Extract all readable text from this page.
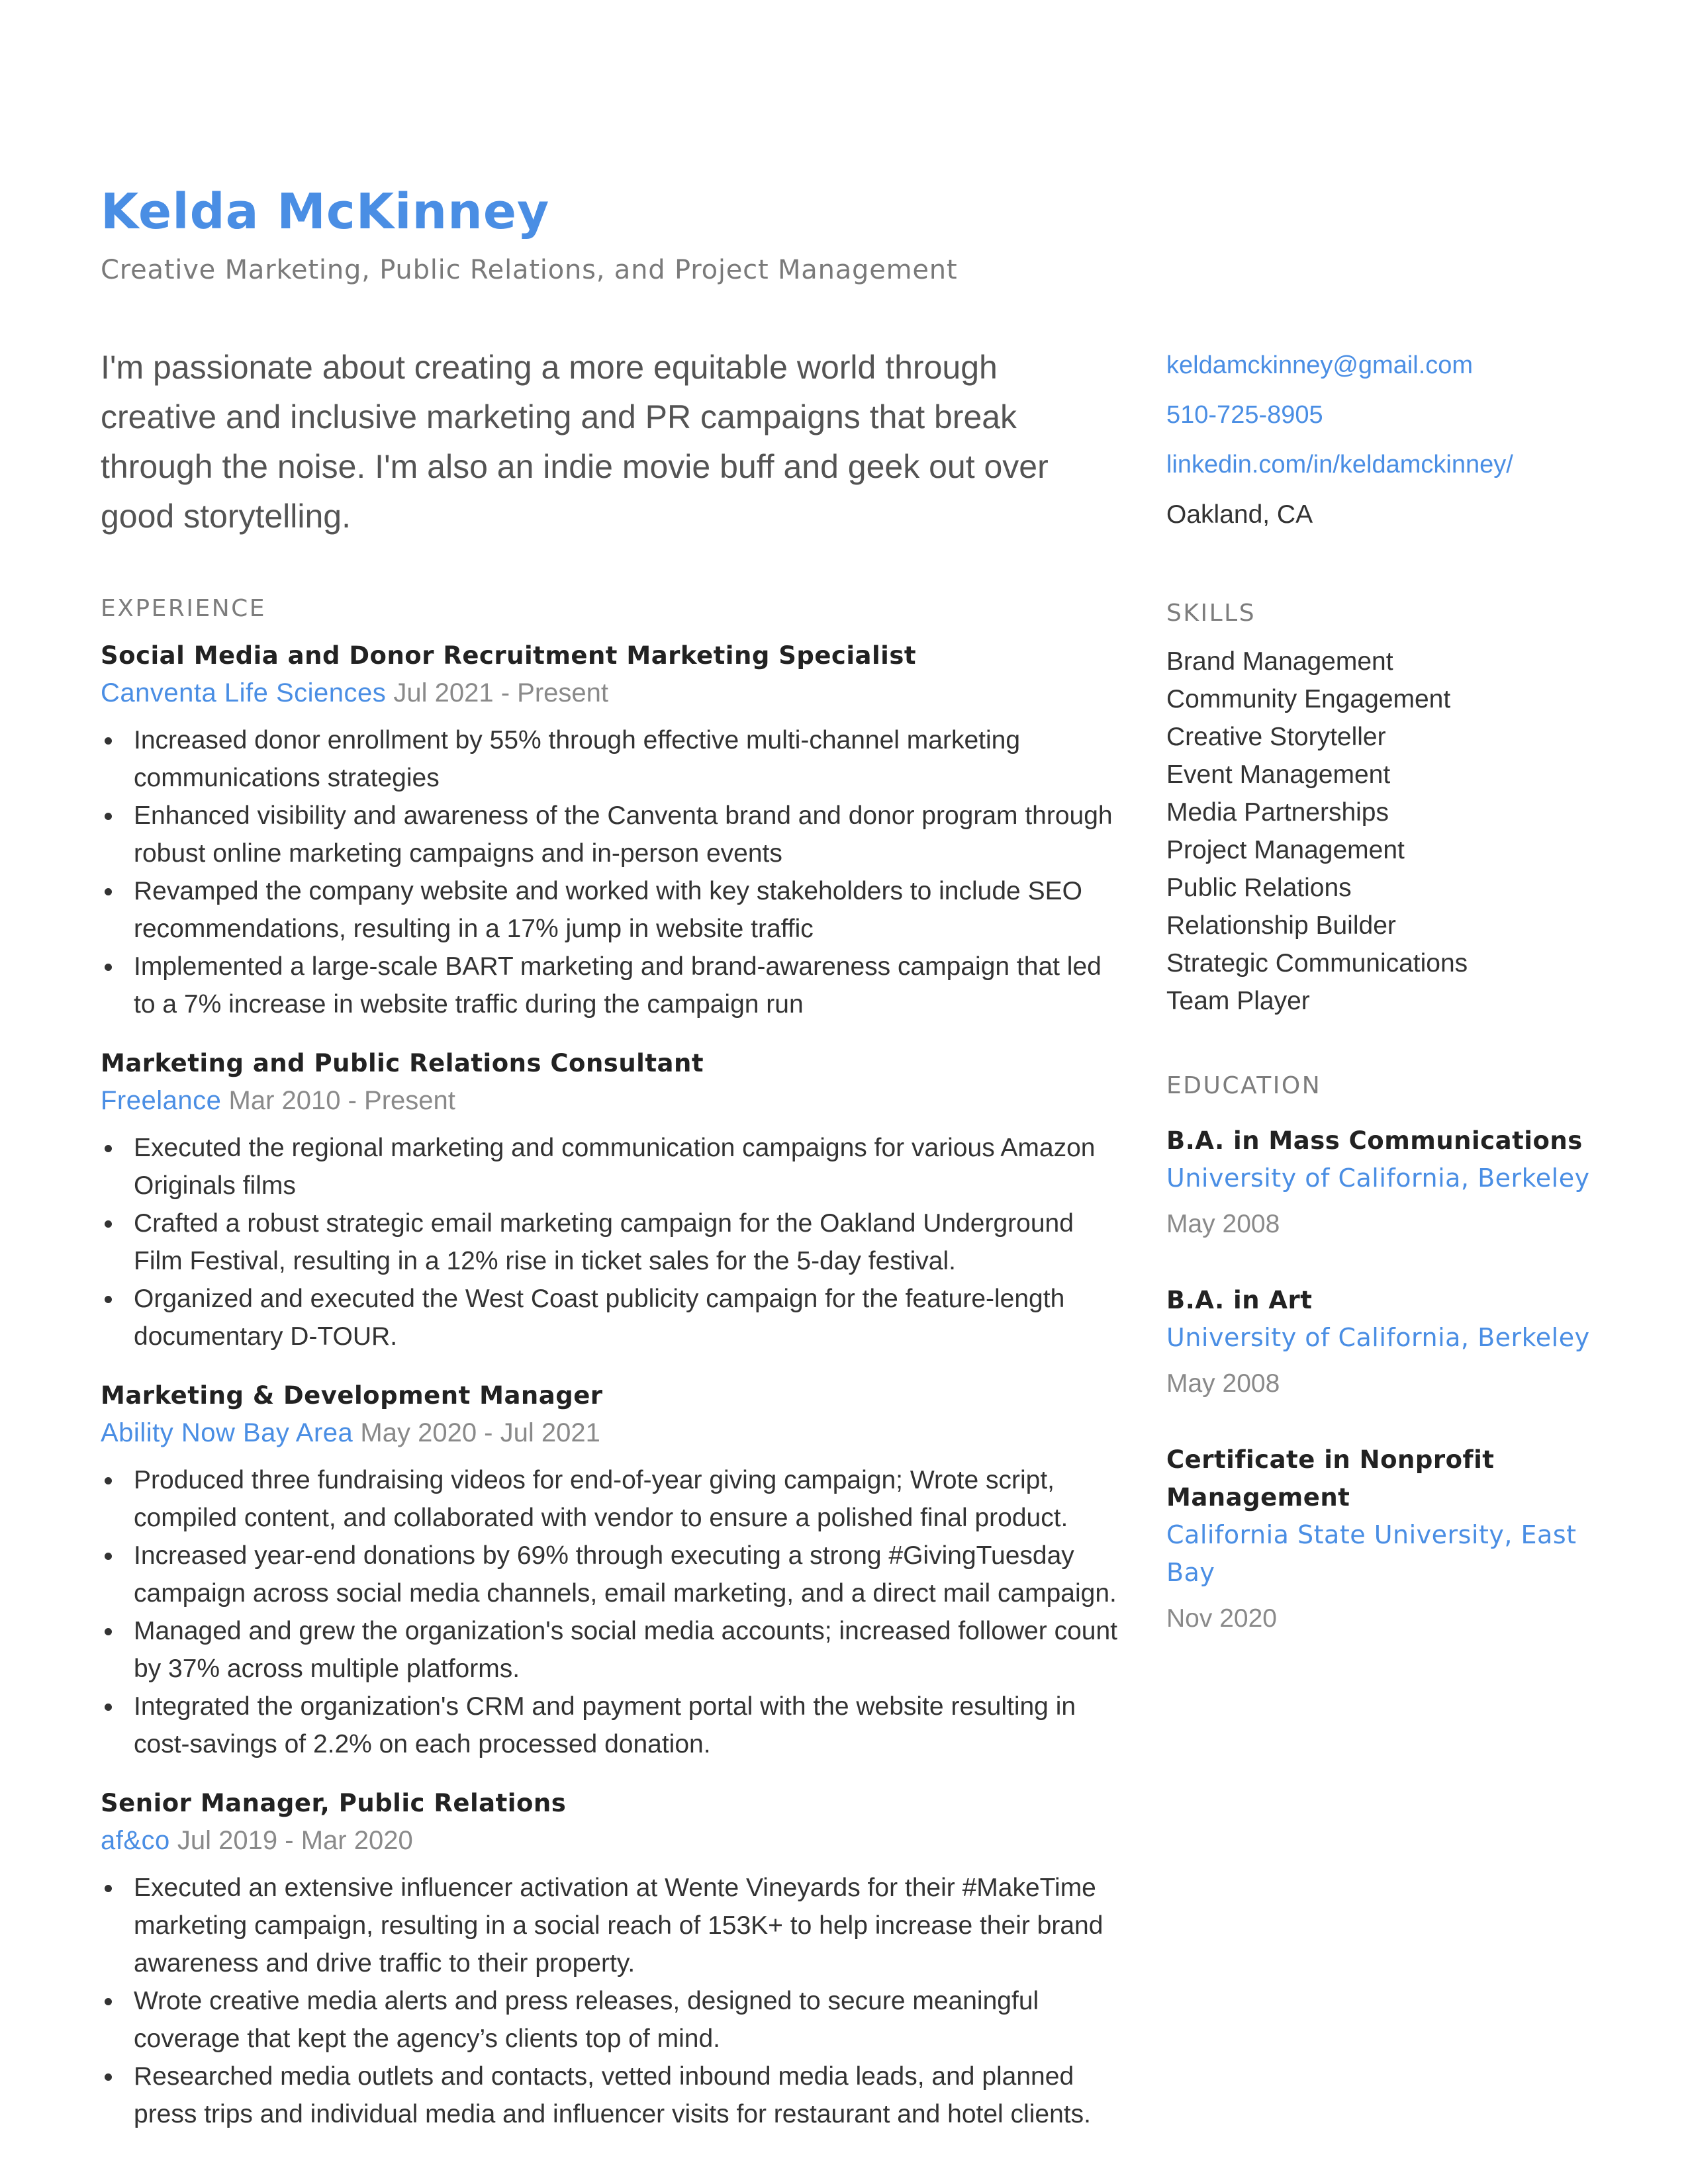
Kelda McKinney
Creative Marketing, Public Relations, and Project Management

I'm passionate about creating a more equitable world through creative and inclusive marketing and PR campaigns that break through the noise. I'm also an indie movie buff and geek out over good storytelling.

EXPERIENCE
Social Media and Donor Recruitment Marketing Specialist
Canventa Life Sciences Jul 2021 - Present
Increased donor enrollment by 55% through effective multi-channel marketing communications strategies
Enhanced visibility and awareness of the Canventa brand and donor program through robust online marketing campaigns and in-person events
Revamped the company website and worked with key stakeholders to include SEO recommendations, resulting in a 17% jump in website traffic
Implemented a large-scale BART marketing and brand-awareness campaign that led to a 7% increase in website traffic during the campaign run
Marketing and Public Relations Consultant
Freelance Mar 2010 - Present
Executed the regional marketing and communication campaigns for various Amazon Originals films
Crafted a robust strategic email marketing campaign for the Oakland Underground Film Festival, resulting in a 12% rise in ticket sales for the 5-day festival.
Organized and executed the West Coast publicity campaign for the feature-length documentary D-TOUR.
Marketing & Development Manager
Ability Now Bay Area May 2020 - Jul 2021
Produced three fundraising videos for end-of-year giving campaign; Wrote script, compiled content, and collaborated with vendor to ensure a polished final product.
Increased year-end donations by 69% through executing a strong #GivingTuesday campaign across social media channels, email marketing, and a direct mail campaign.
Managed and grew the organization's social media accounts; increased follower count by 37% across multiple platforms.
Integrated the organization's CRM and payment portal with the website resulting in cost-savings of 2.2% on each processed donation.
Senior Manager, Public Relations
af&co Jul 2019 - Mar 2020
Executed an extensive influencer activation at Wente Vineyards for their #MakeTime marketing campaign, resulting in a social reach of 153K+ to help increase their brand awareness and drive traffic to their property.
Wrote creative media alerts and press releases, designed to secure meaningful coverage that kept the agency’s clients top of mind.
Researched media outlets and contacts, vetted inbound media leads, and planned press trips and individual media and influencer visits for restaurant and hotel clients.
keldamckinney@gmail.com
510-725-8905
linkedin.com/in/keldamckinney/
Oakland, CA
SKILLS
Brand Management
Community Engagement
Creative Storyteller
Event Management
Media Partnerships
Project Management
Public Relations
Relationship Builder
Strategic Communications
Team Player
EDUCATION
B.A. in Mass Communications
University of California, Berkeley
May 2008
B.A. in Art
University of California, Berkeley
May 2008
Certificate in Nonprofit Management
California State University, East Bay
Nov 2020
